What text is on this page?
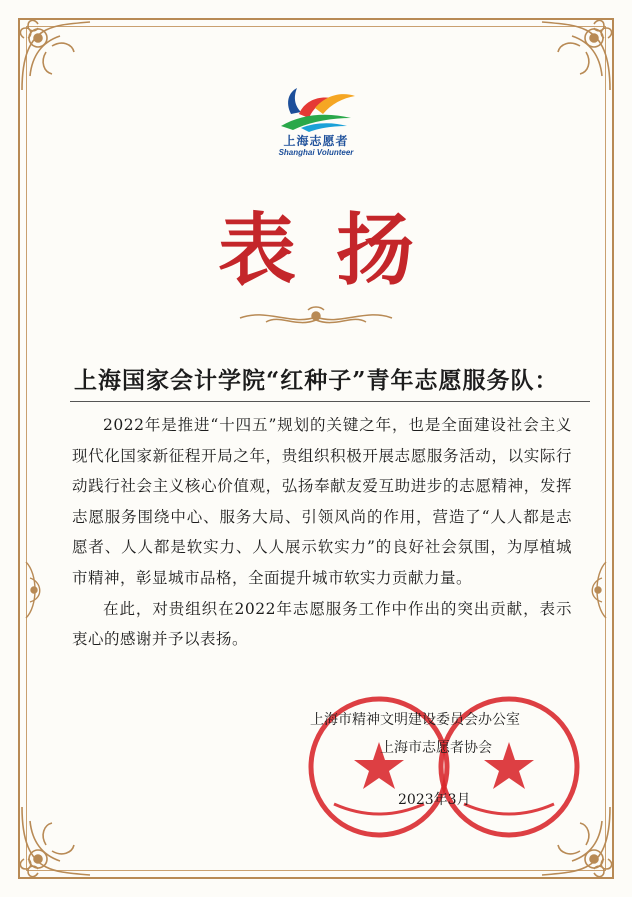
上海志愿者
Shanghai Volunteer
表扬
上海国家会计学院“红种子”青年志愿服务队：

2022年是推进“十四五”规划的关键之年，也是全面建设社会主义现代化国家新征程开局之年，贵组织积极开展志愿服务活动，以实际行动践行社会主义核心价值观，弘扬奉献友爱互助进步的志愿精神，发挥志愿服务围绕中心、服务大局、引领风尚的作用，营造了“人人都是志愿者、人人都是软实力、人人展示软实力”的良好社会氛围，为厚植城市精神，彰显城市品格，全面提升城市软实力贡献力量。

在此，对贵组织在2022年志愿服务工作中作出的突出贡献，表示衷心的感谢并予以表扬。

上海市精神文明建设委员会办公室
上海市志愿者协会
2023年3月
